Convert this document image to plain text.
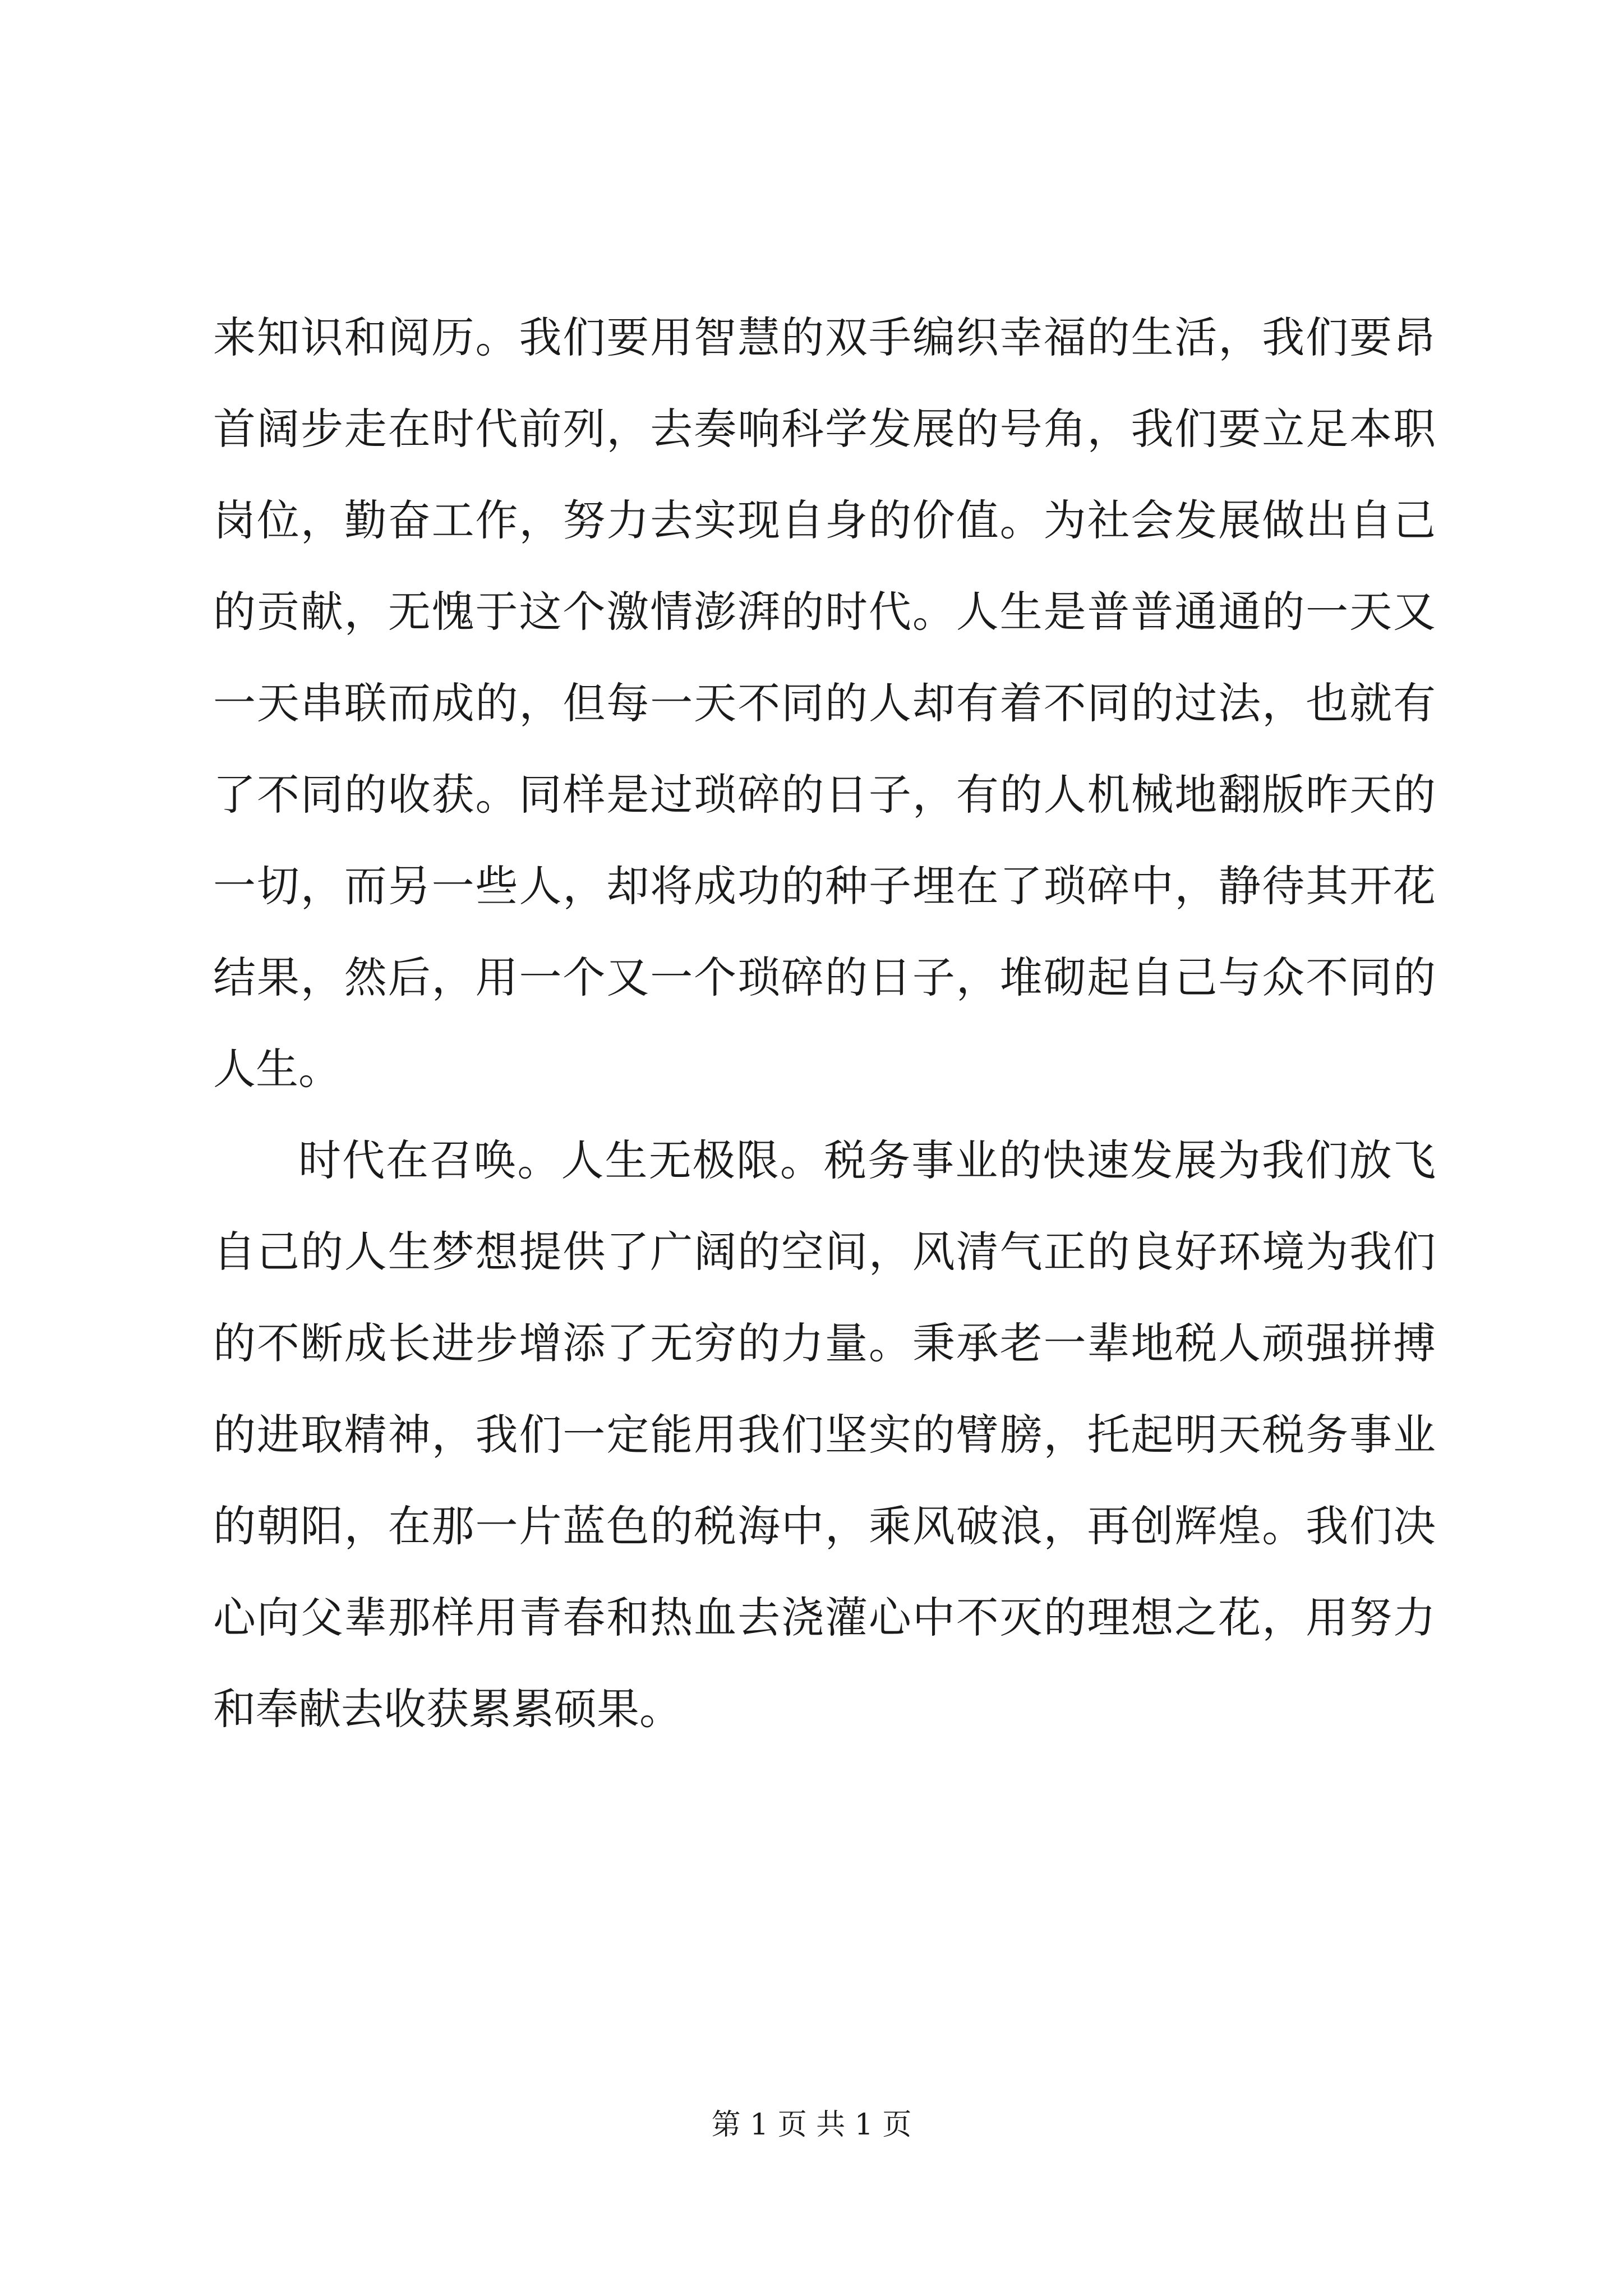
来知识和阅历。我们要用智慧的双手编织幸福的生活，我们要昂
首阔步走在时代前列，去奏响科学发展的号角，我们要立足本职
岗位，勤奋工作，努力去实现自身的价值。为社会发展做出自己
的贡献，无愧于这个激情澎湃的时代。人生是普普通通的一天又
一天串联而成的，但每一天不同的人却有着不同的过法，也就有
了不同的收获。同样是过琐碎的日子，有的人机械地翻版昨天的
一切，而另一些人，却将成功的种子埋在了琐碎中，静待其开花
结果，然后，用一个又一个琐碎的日子，堆砌起自己与众不同的
人生。
时代在召唤。人生无极限。税务事业的快速发展为我们放飞
自己的人生梦想提供了广阔的空间，风清气正的良好环境为我们
的不断成长进步增添了无穷的力量。秉承老一辈地税人顽强拼搏
的进取精神，我们一定能用我们坚实的臂膀，托起明天税务事业
的朝阳，在那一片蓝色的税海中，乘风破浪，再创辉煌。我们决
心向父辈那样用青春和热血去浇灌心中不灭的理想之花，用努力
和奉献去收获累累硕果。
第 1 页 共 1 页
